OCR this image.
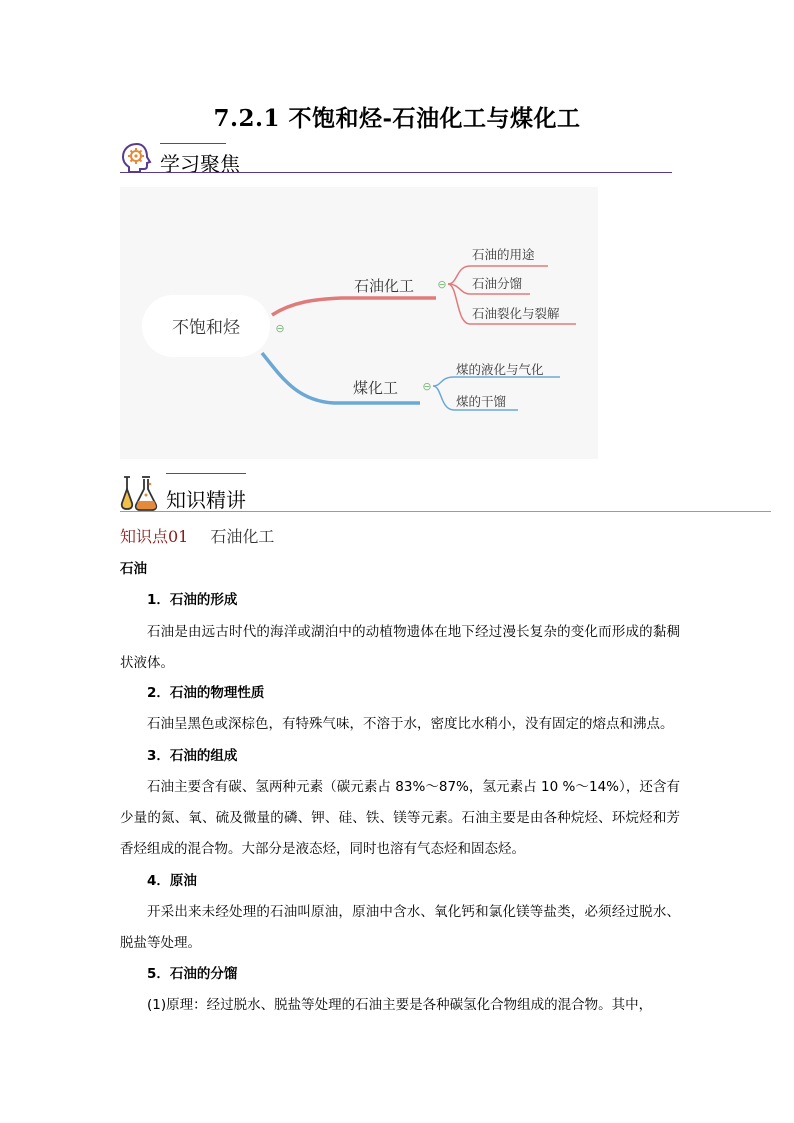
7.2.1 不饱和烃-石油化工与煤化工
学习聚焦
不饱和烃	⊖
石油化工 ⊖
石油的用途
石油分馏
石油裂化与裂解
煤化工 ⊖
煤的液化与气化
煤的干馏
知识精讲
知识点01 石油化工
石油
1．石油的形成
石油是由远古时代的海洋或湖泊中的动植物遗体在地下经过漫长复杂的变化而形成的黏稠状液体。
2．石油的物理性质
石油呈黑色或深棕色，有特殊气味，不溶于水，密度比水稍小，没有固定的熔点和沸点。
3．石油的组成
石油主要含有碳、氢两种元素（碳元素占 83%～87%，氢元素占 10 %～14%），还含有少量的氮、氧、硫及微量的磷、钾、硅、铁、镁等元素。石油主要是由各种烷烃、环烷烃和芳香烃组成的混合物。大部分是液态烃，同时也溶有气态烃和固态烃。
4．原油
开采出来未经处理的石油叫原油，原油中含水、氧化钙和氯化镁等盐类，必须经过脱水、脱盐等处理。
5．石油的分馏
(1)原理：经过脱水、脱盐等处理的石油主要是各种碳氢化合物组成的混合物。其中，
